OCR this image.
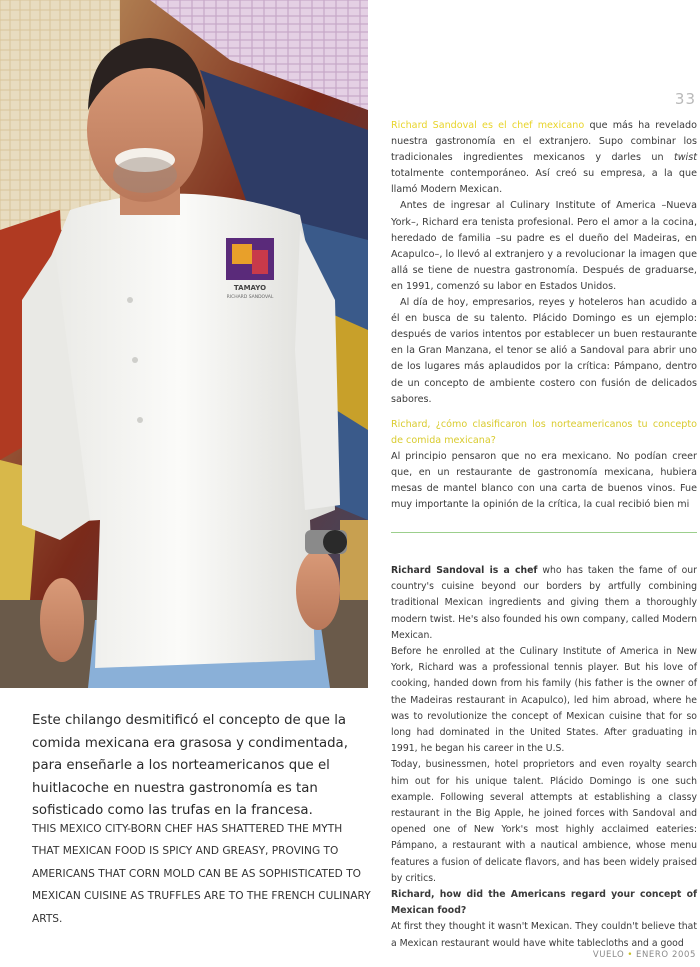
TAMAYO
RICHARD SANDOVAL
33

Richard Sandoval es el chef mexicano que más ha revelado nuestra gastronomía en el extranjero. Supo combinar los tradicionales ingredientes mexicanos y darles un twist totalmente contemporáneo. Así creó su empresa, a la que llamó Modern Mexican.

Antes de ingresar al Culinary Institute of America –Nueva York–, Richard era tenista profesional. Pero el amor a la cocina, heredado de familia –su padre es el dueño del Madeiras, en Acapulco–, lo llevó al extranjero y a revolucionar la imagen que allá se tiene de nuestra gastronomía. Después de graduarse, en 1991, comenzó su labor en Estados Unidos.

Al día de hoy, empresarios, reyes y hoteleros han acudido a él en busca de su talento. Plácido Domingo es un ejemplo: después de varios intentos por establecer un buen restaurante en la Gran Manzana, el tenor se alió a Sandoval para abrir uno de los lugares más aplaudidos por la crítica: Pámpano, dentro de un concepto de ambiente costero con fusión de delicados sabores.

Richard, ¿cómo clasificaron los norteamericanos tu concepto de comida mexicana?

Al principio pensaron que no era mexicano. No podían creer que, en un restaurante de gastronomía mexicana, hubiera mesas de mantel blanco con una carta de buenos vinos. Fue muy importante la opinión de la crítica, la cual recibió bien mi

Richard Sandoval is a chef who has taken the fame of our country's cuisine beyond our borders by artfully combining traditional Mexican ingredients and giving them a thoroughly modern twist. He's also founded his own company, called Modern Mexican.

Before he enrolled at the Culinary Institute of America in New York, Richard was a professional tennis player. But his love of cooking, handed down from his family (his father is the owner of the Madeiras restaurant in Acapulco), led him abroad, where he was to revolutionize the concept of Mexican cuisine that for so long had dominated in the United States. After graduating in 1991, he began his career in the U.S.

Today, businessmen, hotel proprietors and even royalty search him out for his unique talent. Plácido Domingo is one such example. Following several attempts at establishing a classy restaurant in the Big Apple, he joined forces with Sandoval and opened one of New York's most highly acclaimed eateries: Pámpano, a restaurant with a nautical ambience, whose menu features a fusion of delicate flavors, and has been widely praised by critics.

Richard, how did the Americans regard your concept of Mexican food?

At first they thought it wasn't Mexican. They couldn't believe that a Mexican restaurant would have white tablecloths and a good

Este chilango desmitificó el concepto de que la comida mexicana era grasosa y condimentada, para enseñarle a los norteamericanos que el huitlacoche en nuestra gastronomía es tan sofisticado como las trufas en la francesa.
THIS MEXICO CITY-BORN CHEF HAS SHATTERED THE MYTH THAT MEXICAN FOOD IS SPICY AND GREASY, PROVING TO AMERICANS THAT CORN MOLD CAN BE AS SOPHISTICATED TO MEXICAN CUISINE AS TRUFFLES ARE TO THE FRENCH CULINARY ARTS.
VUELO • ENERO 2005
